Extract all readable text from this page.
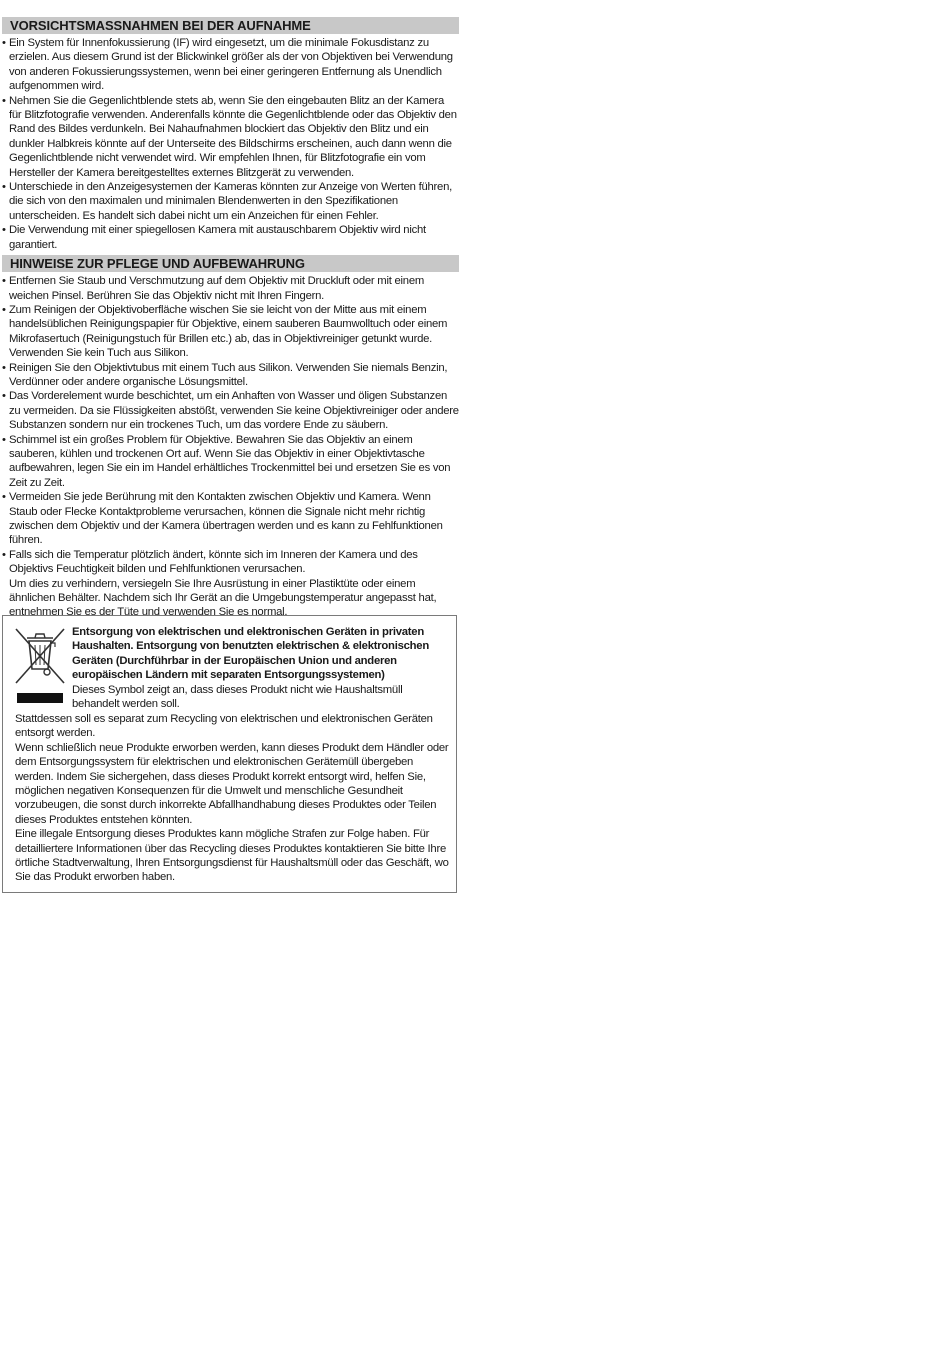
VORSICHTSMASSNAHMEN BEI DER AUFNAHME
• Ein System für Innenfokussierung (IF) wird eingesetzt, um die minimale Fokusdistanz zu erzielen. Aus diesem Grund ist der Blickwinkel größer als der von Objektiven bei Verwendung von anderen Fokussierungssystemen, wenn bei einer geringeren Entfernung als Unendlich aufgenommen wird.
• Nehmen Sie die Gegenlichtblende stets ab, wenn Sie den eingebauten Blitz an der Kamera für Blitzfotografie verwenden. Anderenfalls könnte die Gegenlichtblende oder das Objektiv den Rand des Bildes verdunkeln. Bei Nahaufnahmen blockiert das Objektiv den Blitz und ein dunkler Halbkreis könnte auf der Unterseite des Bildschirms erscheinen, auch dann wenn die Gegenlichtblende nicht verwendet wird. Wir empfehlen Ihnen, für Blitzfotografie ein vom Hersteller der Kamera bereitgestelltes externes Blitzgerät zu verwenden.
• Unterschiede in den Anzeigesystemen der Kameras könnten zur Anzeige von Werten führen, die sich von den maximalen und minimalen Blendenwerten in den Spezifikationen unterscheiden. Es handelt sich dabei nicht um ein Anzeichen für einen Fehler.
• Die Verwendung mit einer spiegellosen Kamera mit austauschbarem Objektiv wird nicht garantiert.
HINWEISE ZUR PFLEGE UND AUFBEWAHRUNG
• Entfernen Sie Staub und Verschmutzung auf dem Objektiv mit Druckluft oder mit einem weichen Pinsel. Berühren Sie das Objektiv nicht mit Ihren Fingern.
• Zum Reinigen der Objektivoberfläche wischen Sie sie leicht von der Mitte aus mit einem handelsüblichen Reinigungspapier für Objektive, einem sauberen Baumwolltuch oder einem Mikrofasertuch (Reinigungstuch für Brillen etc.) ab, das in Objektivreiniger getunkt wurde. Verwenden Sie kein Tuch aus Silikon.
• Reinigen Sie den Objektivtubus mit einem Tuch aus Silikon. Verwenden Sie niemals Benzin, Verdünner oder andere organische Lösungsmittel.
• Das Vorderelement wurde beschichtet, um ein Anhaften von Wasser und öligen Substanzen zu vermeiden. Da sie Flüssigkeiten abstößt, verwenden Sie keine Objektivreiniger oder andere Substanzen sondern nur ein trockenes Tuch, um das vordere Ende zu säubern.
• Schimmel ist ein großes Problem für Objektive. Bewahren Sie das Objektiv an einem sauberen, kühlen und trockenen Ort auf. Wenn Sie das Objektiv in einer Objektivtasche aufbewahren, legen Sie ein im Handel erhältliches Trockenmittel bei und ersetzen Sie es von Zeit zu Zeit.
• Vermeiden Sie jede Berührung mit den Kontakten zwischen Objektiv und Kamera. Wenn Staub oder Flecke Kontaktprobleme verursachen, können die Signale nicht mehr richtig zwischen dem Objektiv und der Kamera übertragen werden und es kann zu Fehlfunktionen führen.
• Falls sich die Temperatur plötzlich ändert, könnte sich im Inneren der Kamera und des Objektivs Feuchtigkeit bilden und Fehlfunktionen verursachen.
Um dies zu verhindern, versiegeln Sie Ihre Ausrüstung in einer Plastiktüte oder einem ähnlichen Behälter. Nachdem sich Ihr Gerät an die Umgebungstemperatur angepasst hat, entnehmen Sie es der Tüte und verwenden Sie es normal.
Entsorgung von elektrischen und elektronischen Geräten in privaten Haushalten. Entsorgung von benutzten elektrischen & elektronischen Geräten (Durchführbar in der Europäischen Union und anderen europäischen Ländern mit separaten Entsorgungssystemen)
Dieses Symbol zeigt an, dass dieses Produkt nicht wie Haushaltsmüll behandelt werden soll.
Stattdessen soll es separat zum Recycling von elektrischen und elektronischen Geräten entsorgt werden.
Wenn schließlich neue Produkte erworben werden, kann dieses Produkt dem Händler oder dem Entsorgungssystem für elektrischen und elektronischen Gerätemüll übergeben werden. Indem Sie sichergehen, dass dieses Produkt korrekt entsorgt wird, helfen Sie, möglichen negativen Konsequenzen für die Umwelt und menschliche Gesundheit vorzubeugen, die sonst durch inkorrekte Abfallhandhabung dieses Produktes oder Teilen dieses Produktes entstehen könnten.
Eine illegale Entsorgung dieses Produktes kann mögliche Strafen zur Folge haben. Für detailliertere Informationen über das Recycling dieses Produktes kontaktieren Sie bitte Ihre örtliche Stadtverwaltung, Ihren Entsorgungsdienst für Haushaltsmüll oder das Geschäft, wo Sie das Produkt erworben haben.
